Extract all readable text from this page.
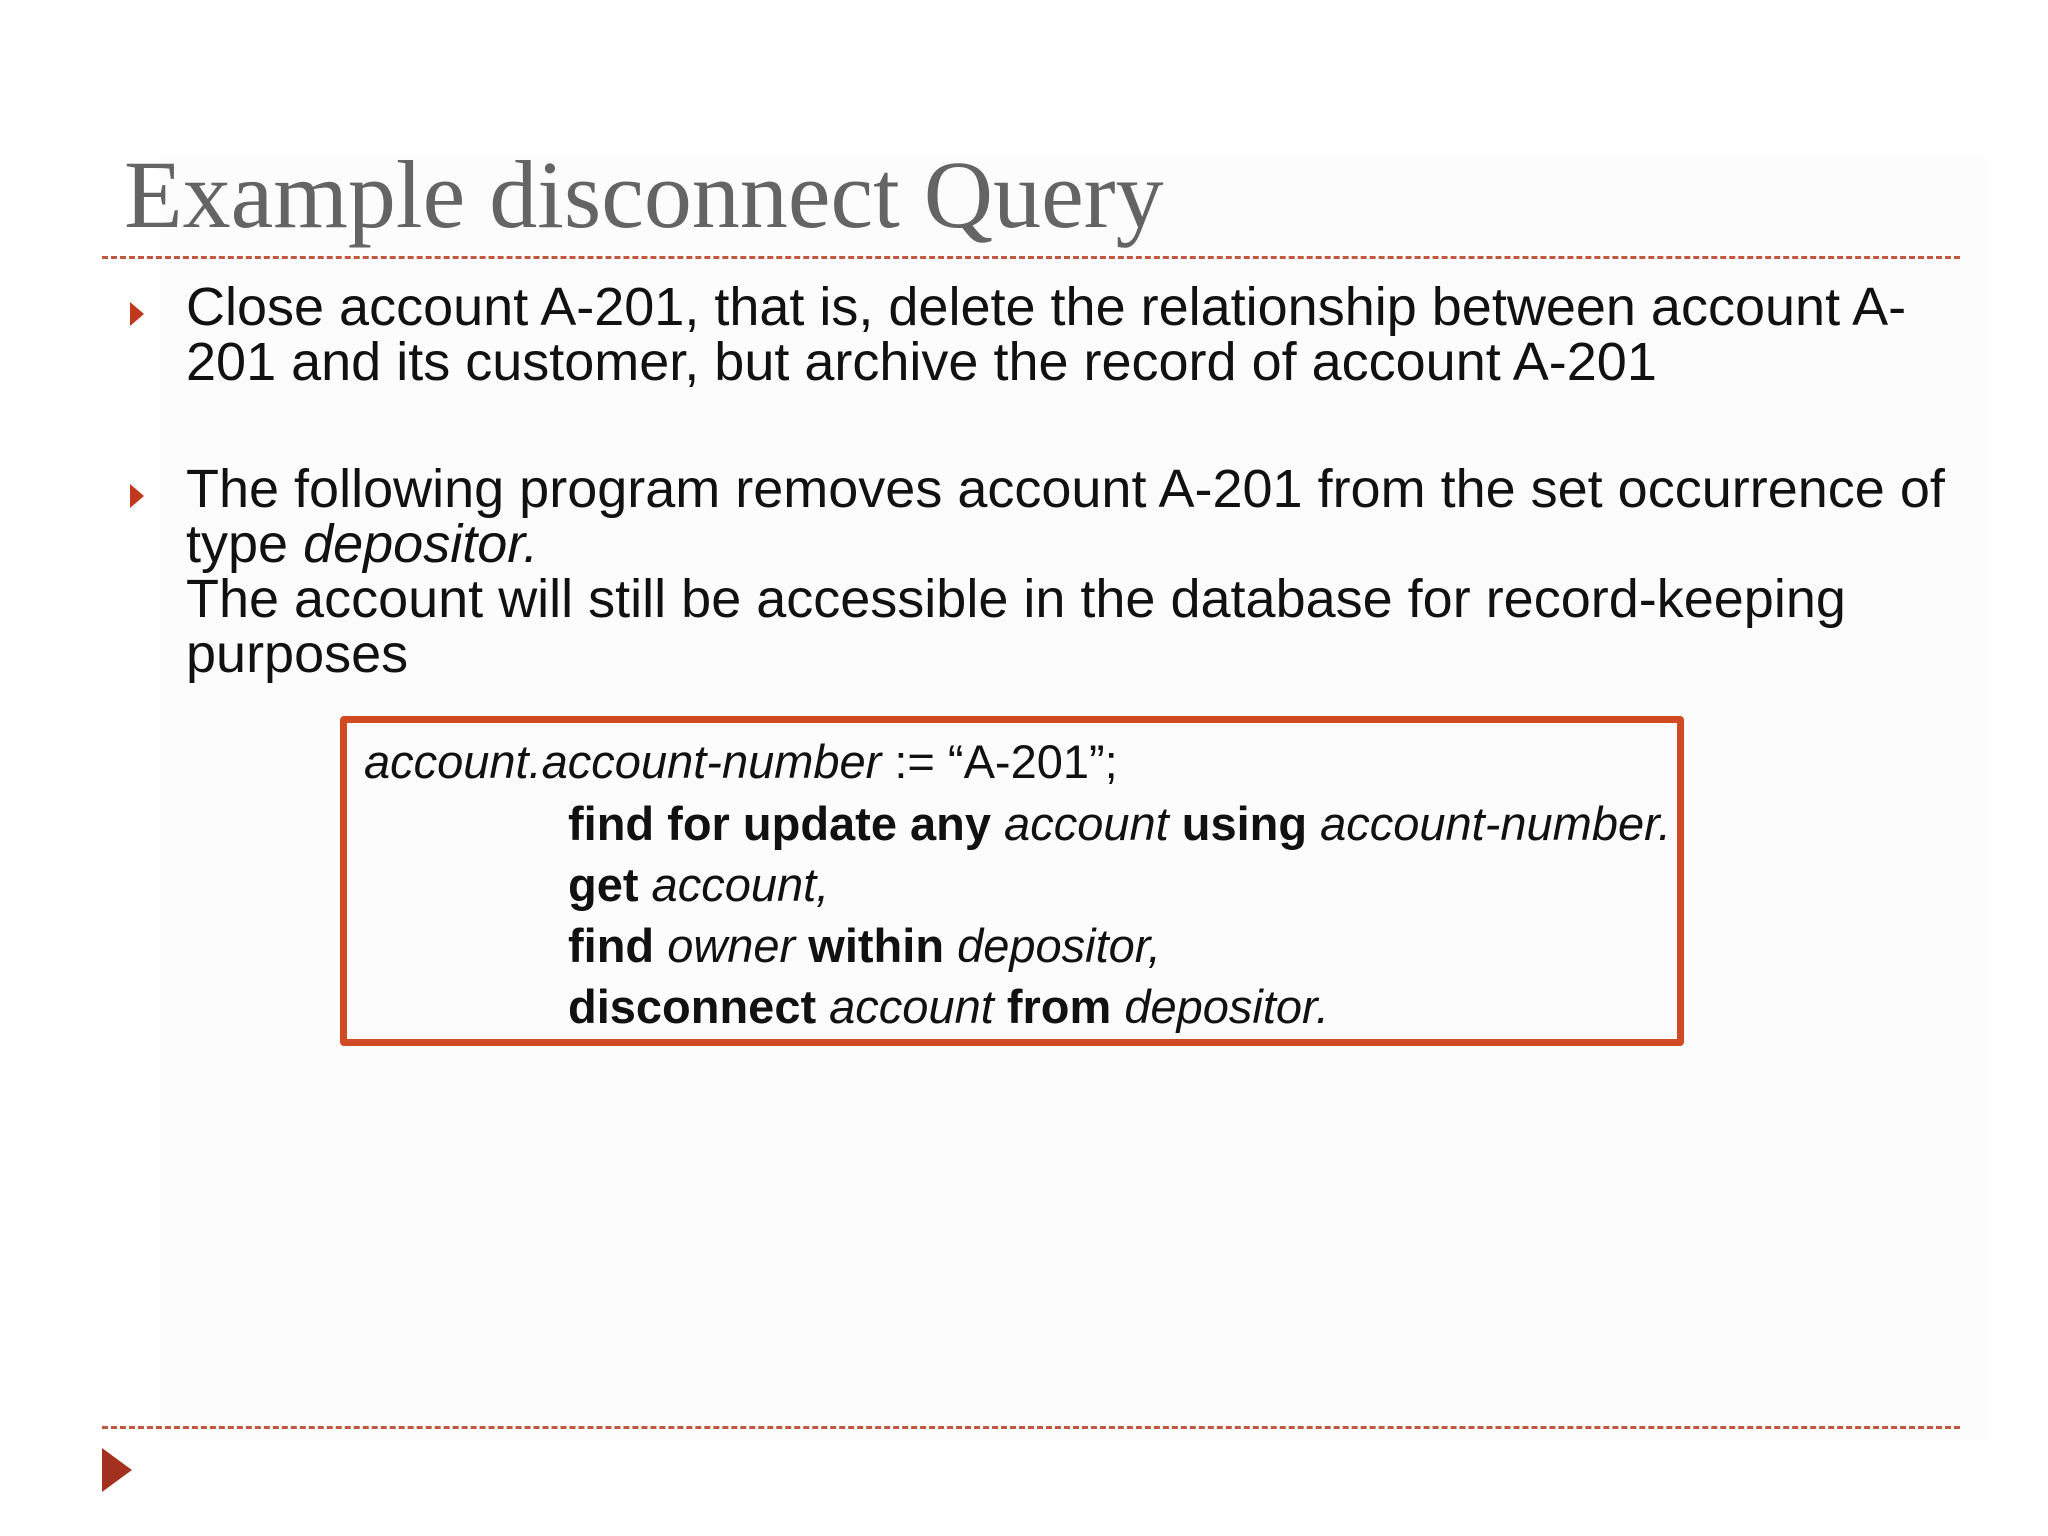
Example disconnect Query

Close account A-201, that is, delete the relationship between account A-201 and its customer, but archive the record of account A-201

The following program removes account A-201 from the set occurrence of type depositor.

The account will still be accessible in the database for record-keeping purposes

account.account-number := “A-201”;
find for update any account using account-number.
get account,
find owner within depositor,
disconnect account from depositor.
